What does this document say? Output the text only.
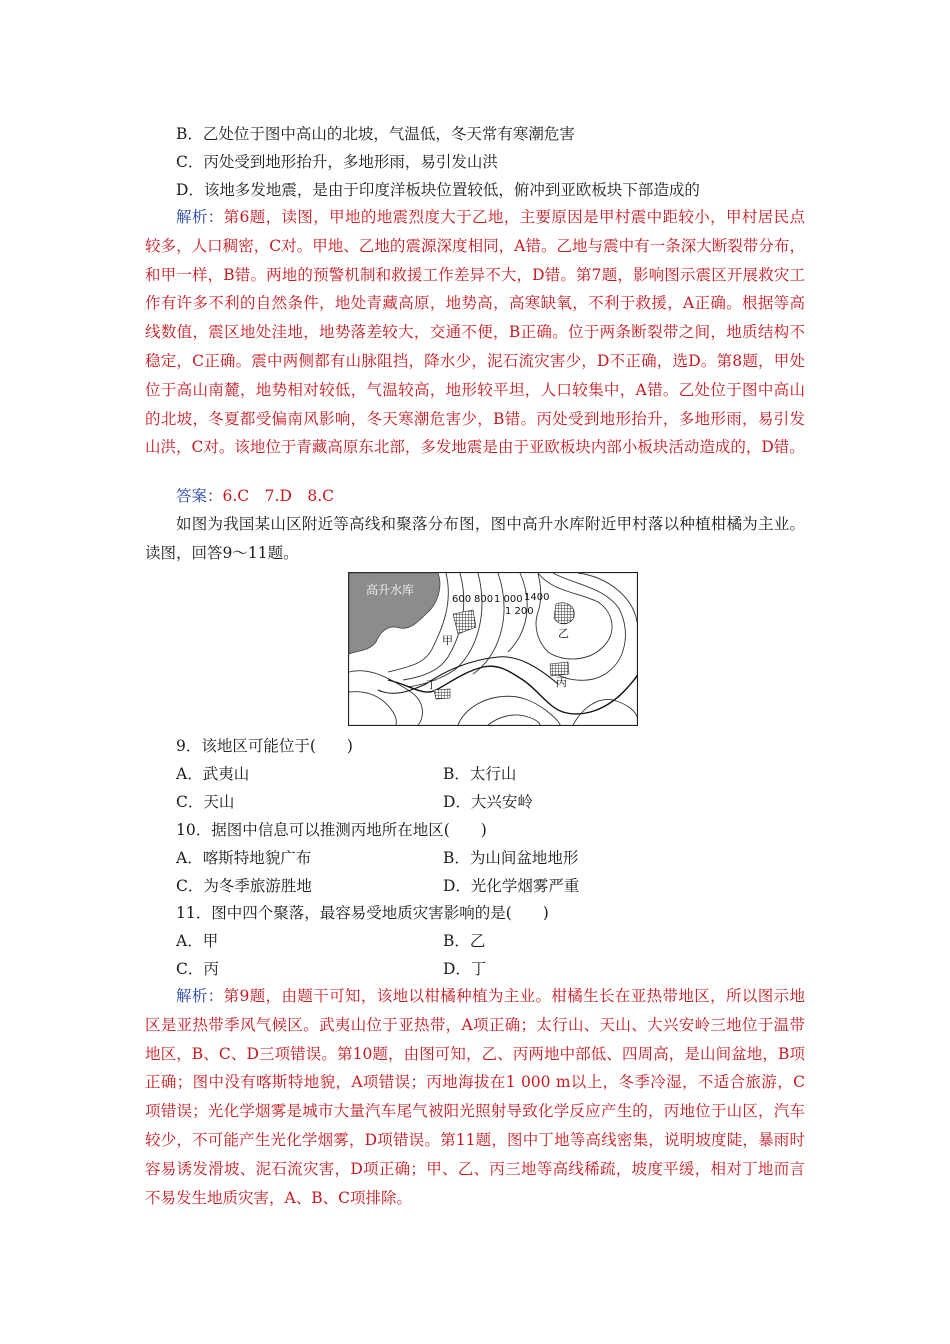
B．乙处位于图中高山的北坡，气温低，冬天常有寒潮危害
C．丙处受到地形抬升，多地形雨，易引发山洪
D．该地多发地震，是由于印度洋板块位置较低，俯冲到亚欧板块下部造成的
解析：第6题，读图，甲地的地震烈度大于乙地，主要原因是甲村震中距较小，甲村居民点较多，人口稠密，C对。甲地、乙地的震源深度相同，A错。乙地与震中有一条深大断裂带分布，和甲一样，B错。两地的预警机制和救援工作差异不大，D错。第7题，影响图示震区开展救灾工作有许多不利的自然条件，地处青藏高原，地势高，高寒缺氧，不利于救援，A正确。根据等高线数值，震区地处洼地，地势落差较大，交通不便，B正确。位于两条断裂带之间，地质结构不稳定，C正确。震中两侧都有山脉阻挡，降水少，泥石流灾害少，D不正确，选D。第8题，甲处位于高山南麓，地势相对较低，气温较高，地形较平坦，人口较集中，A错。乙处位于图中高山的北坡，冬夏都受偏南风影响，冬天寒潮危害少，B错。丙处受到地形抬升，多地形雨，易引发山洪，C对。该地位于青藏高原东北部，多发地震是由于亚欧板块内部小板块活动造成的，D错。
答案：6.C　7.D　8.C
如图为我国某山区附近等高线和聚落分布图，图中高升水库附近甲村落以种植柑橘为主业。读图，回答9～11题。
高升水库
600 800 1 000
1 200
1400
甲
乙
丙
丁
9．该地区可能位于(　　)
A．武夷山	B．太行山
C．天山	D．大兴安岭
10．据图中信息可以推测丙地所在地区(　　)
A．喀斯特地貌广布	B．为山间盆地地形
C．为冬季旅游胜地	D．光化学烟雾严重
11．图中四个聚落，最容易受地质灾害影响的是(　　)
A．甲	B．乙
C．丙	D．丁
解析：第9题，由题干可知，该地以柑橘种植为主业。柑橘生长在亚热带地区，所以图示地区是亚热带季风气候区。武夷山位于亚热带，A项正确；太行山、天山、大兴安岭三地位于温带地区，B、C、D三项错误。第10题，由图可知，乙、丙两地中部低、四周高，是山间盆地，B项正确；图中没有喀斯特地貌，A项错误；丙地海拔在1 000 m以上，冬季冷湿，不适合旅游，C项错误；光化学烟雾是城市大量汽车尾气被阳光照射导致化学反应产生的，丙地位于山区，汽车较少，不可能产生光化学烟雾，D项错误。第11题，图中丁地等高线密集，说明坡度陡，暴雨时容易诱发滑坡、泥石流灾害，D项正确；甲、乙、丙三地等高线稀疏，坡度平缓，相对丁地而言不易发生地质灾害，A、B、C项排除。
